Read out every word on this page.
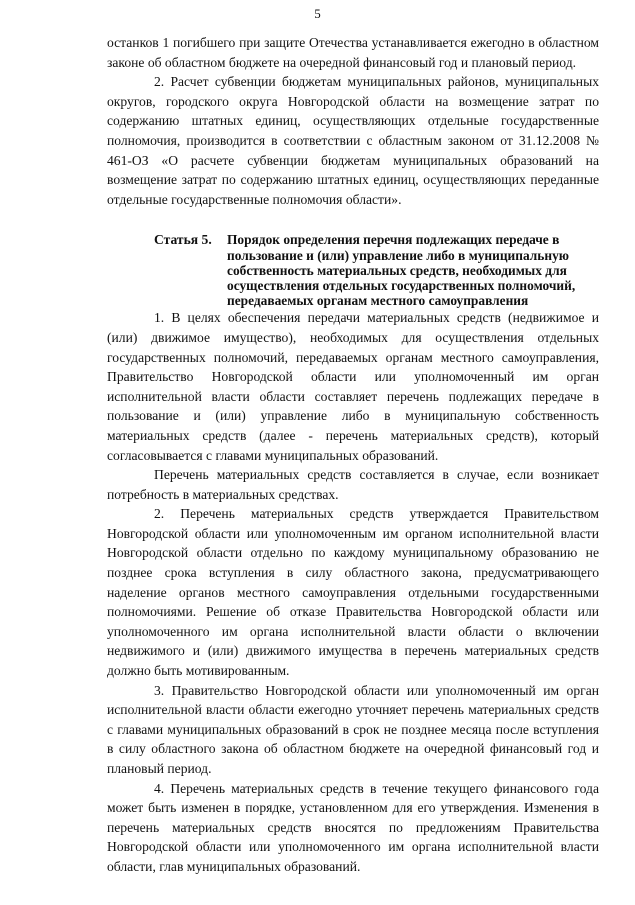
5

останков 1 погибшего при защите Отечества устанавливается ежегодно в областном законе об областном бюджете на очередной финансовый год и плановый период.

2. Расчет субвенции бюджетам муниципальных районов, муниципальных округов, городского округа Новгородской области на возмещение затрат по содержанию штатных единиц, осуществляющих отдельные государственные полномочия, производится в соответствии с областным законом от 31.12.2008 № 461-ОЗ «О расчете субвенции бюджетам муниципальных образований на возмещение затрат по содержанию штатных единиц, осуществляющих переданные отдельные государственные полномочия области».

Статья 5.	Порядок определения перечня подлежащих передаче в пользование и (или) управление либо в муниципальную собственность материальных средств, необходимых для осуществления отдельных государственных полномочий, передаваемых органам местного самоуправления

1. В целях обеспечения передачи материальных средств (недвижимое и (или) движимое имущество), необходимых для осуществления отдельных государственных полномочий, передаваемых органам местного самоуправления, Правительство Новгородской области или уполномоченный им орган исполнительной власти области составляет перечень подлежащих передаче в пользование и (или) управление либо в муниципальную собственность материальных средств (далее - перечень материальных средств), который согласовывается с главами муниципальных образований.

Перечень материальных средств составляется в случае, если возникает потребность в материальных средствах.

2. Перечень материальных средств утверждается Правительством Новгородской области или уполномоченным им органом исполнительной власти Новгородской области отдельно по каждому муниципальному образованию не позднее срока вступления в силу областного закона, предусматривающего наделение органов местного самоуправления отдельными государственными полномочиями. Решение об отказе Правительства Новгородской области или уполномоченного им органа исполнительной власти области о включении недвижимого и (или) движимого имущества в перечень материальных средств должно быть мотивированным.

3. Правительство Новгородской области или уполномоченный им орган исполнительной власти области ежегодно уточняет перечень материальных средств с главами муниципальных образований в срок не позднее месяца после вступления в силу областного закона об областном бюджете на очередной финансовый год и плановый период.

4. Перечень материальных средств в течение текущего финансового года может быть изменен в порядке, установленном для его утверждения. Изменения в перечень материальных средств вносятся по предложениям Правительства Новгородской области или уполномоченного им органа исполнительной власти области, глав муниципальных образований.
